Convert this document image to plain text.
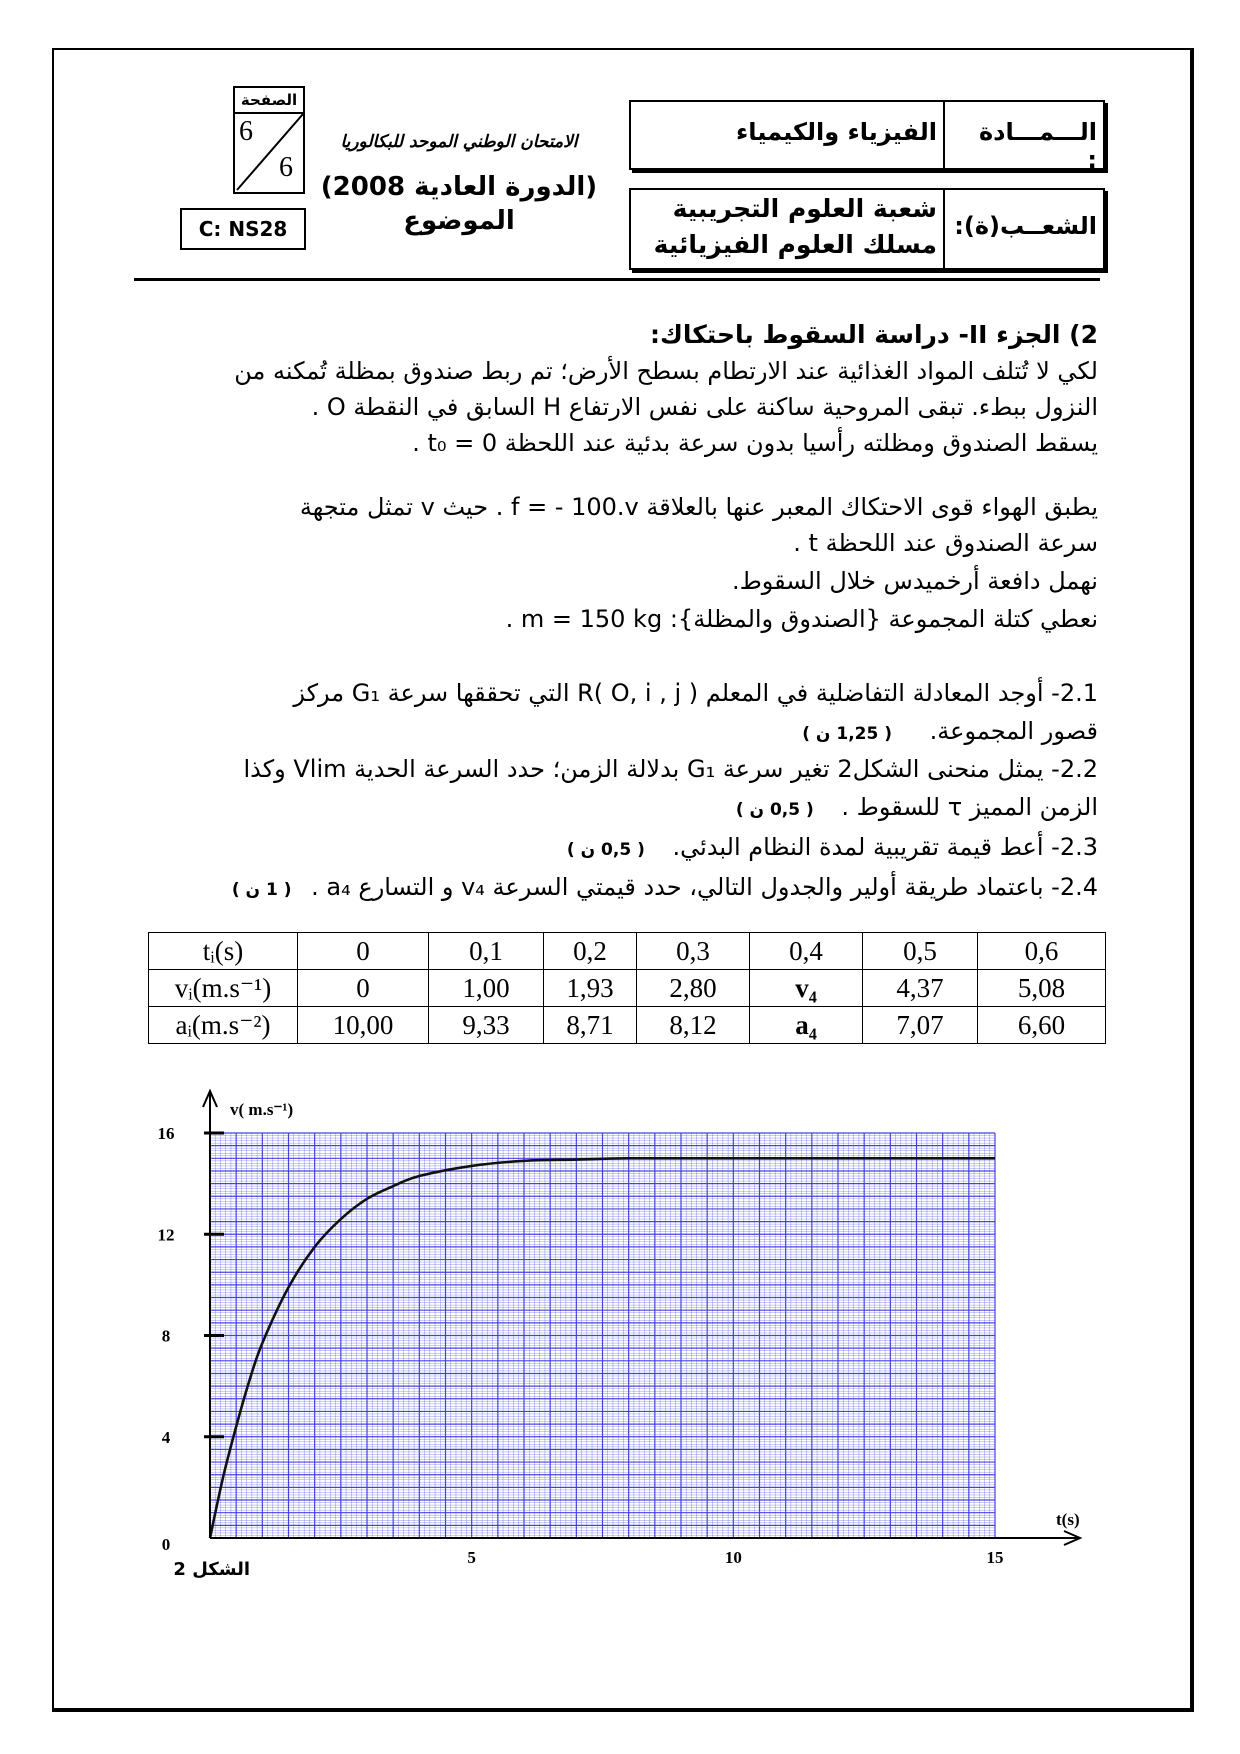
الصفحة
6
6
C: NS28
الامتحان الوطني الموحد للبكالوريا
(الدورة العادية 2008)
الموضوع
الـــمـــادة :
الفيزياء والكيمياء
الشعــب(ة):
شعبة العلوم التجريبية
مسلك العلوم الفيزيائية
2) الجزء II- دراسة السقوط باحتكاك:
لكي لا تُتلف المواد الغذائية عند الارتطام بسطح الأرض؛ تم ربط صندوق بمظلة تُمكنه من
النزول ببطء. تبقى المروحية ساكنة على نفس الارتفاع H السابق في النقطة O .
يسقط الصندوق ومظلته رأسيا بدون سرعة بدئية عند اللحظة t₀ = 0 .
يطبق الهواء قوى الاحتكاك المعبر عنها بالعلاقة f = - 100.v . حيث v تمثل متجهة
سرعة الصندوق عند اللحظة t .
نهمل دافعة أرخميدس خلال السقوط.
نعطي كتلة المجموعة {الصندوق والمظلة}: m = 150 kg .
2.1- أوجد المعادلة التفاضلية في المعلم ( R( O, i , j التي تحققها سرعة G₁ مركز
قصور المجموعة. ( 1,25 ن )
2.2- يمثل منحنى الشكل2 تغير سرعة G₁ بدلالة الزمن؛ حدد السرعة الحدية Vlim وكذا
الزمن المميز τ للسقوط . ( 0,5 ن )
2.3- أعط قيمة تقريبية لمدة النظام البدئي. ( 0,5 ن )
2.4- باعتماد طريقة أولير والجدول التالي، حدد قيمتي السرعة v₄ و التسارع a₄ . ( 1 ن )
tᵢ(s)	0	0,1	0,2	0,3	0,4	0,5	0,6
vᵢ(m.s⁻¹)	0	1,00	1,93	2,80	v₄	4,37	5,08
aᵢ(m.s⁻²)	10,00	9,33	8,71	8,12	a₄	7,07	6,60
0
4
8
12
16
5	10	15
v( m.s⁻¹)
t(s)
الشكل 2
